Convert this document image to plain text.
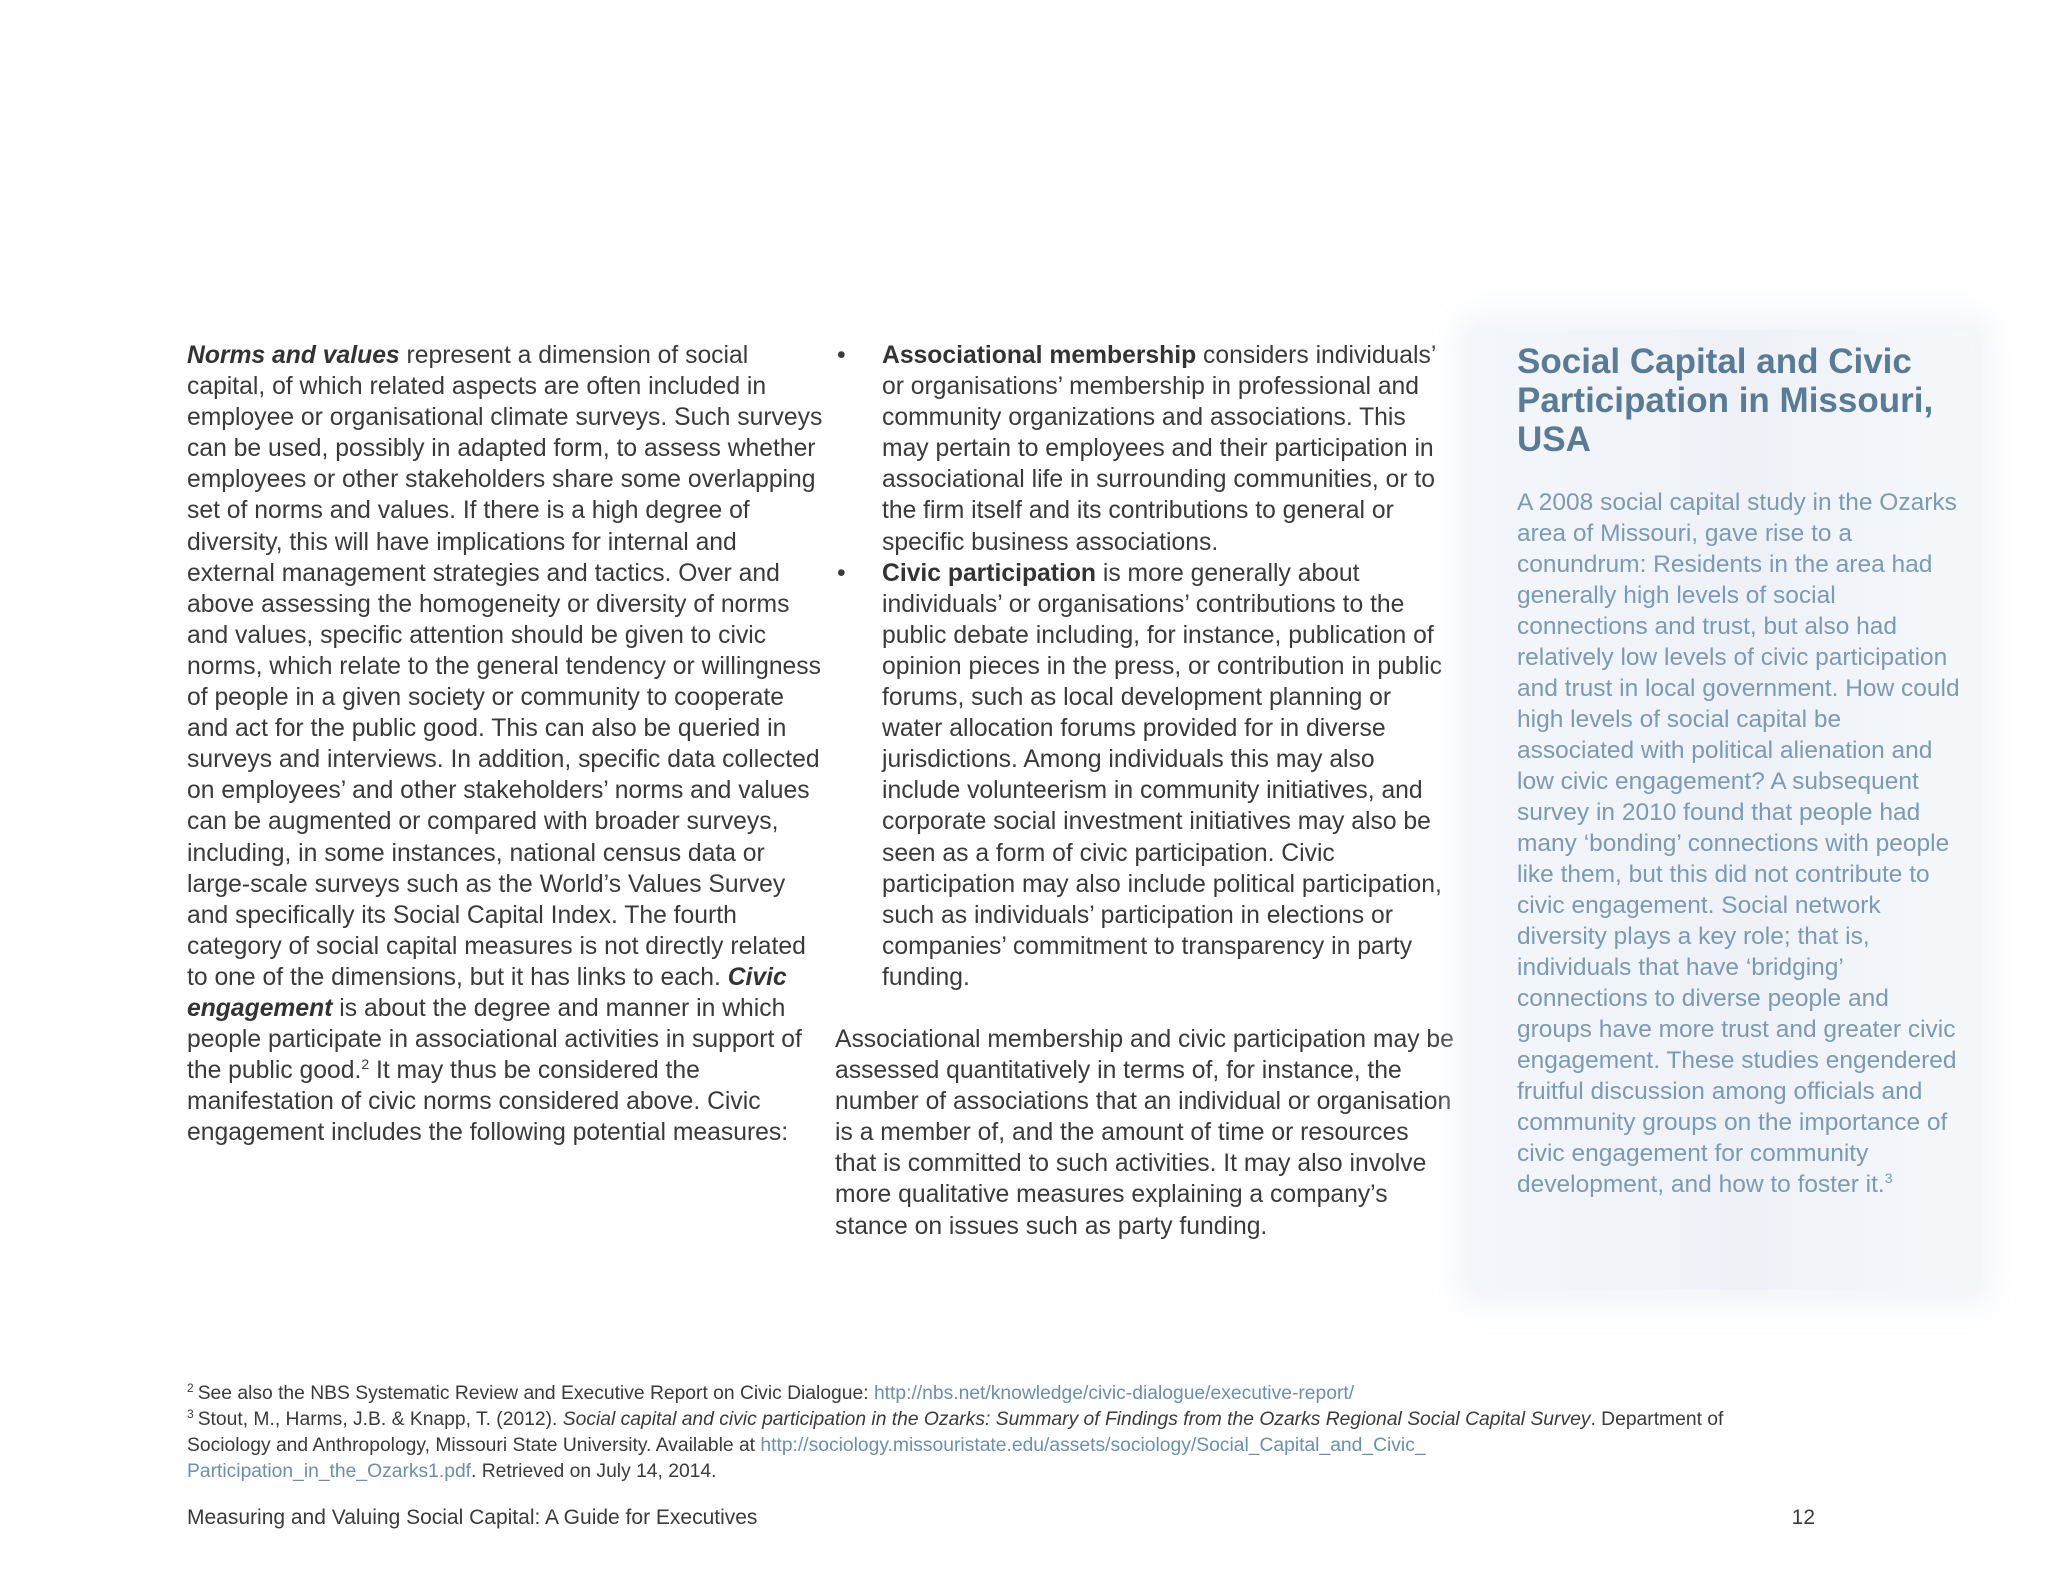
Norms and values represent a dimension of social capital, of which related aspects are often included in employee or organisational climate surveys. Such surveys can be used, possibly in adapted form, to assess whether employees or other stakeholders share some overlapping set of norms and values. If there is a high degree of diversity, this will have implications for internal and external management strategies and tactics. Over and above assessing the homogeneity or diversity of norms and values, specific attention should be given to civic norms, which relate to the general tendency or willingness of people in a given society or community to cooperate and act for the public good. This can also be queried in surveys and interviews. In addition, specific data collected on employees’ and other stakeholders’ norms and values can be augmented or compared with broader surveys, including, in some instances, national census data or large-scale surveys such as the World’s Values Survey and specifically its Social Capital Index. The fourth category of social capital measures is not directly related to one of the dimensions, but it has links to each. Civic engagement is about the degree and manner in which people participate in associational activities in support of the public good.$^2$ It may thus be considered the manifestation of civic norms considered above. Civic engagement includes the following potential measures:

• Associational membership considers individuals’ or organisations’ membership in professional and community organizations and associations. This may pertain to employees and their participation in associational life in surrounding communities, or to the firm itself and its contributions to general or specific business associations.
• Civic participation is more generally about individuals’ or organisations’ contributions to the public debate including, for instance, publication of opinion pieces in the press, or contribution in public forums, such as local development planning or water allocation forums provided for in diverse jurisdictions. Among individuals this may also include volunteerism in community initiatives, and corporate social investment initiatives may also be seen as a form of civic participation. Civic participation may also include political participation, such as individuals’ participation in elections or companies’ commitment to transparency in party funding.

Associational membership and civic participation may be assessed quantitatively in terms of, for instance, the number of associations that an individual or organisation is a member of, and the amount of time or resources that is committed to such activities. It may also involve more qualitative measures explaining a company’s stance on issues such as party funding.

Social Capital and Civic Participation in Missouri, USA

A 2008 social capital study in the Ozarks area of Missouri, gave rise to a conundrum: Residents in the area had generally high levels of social connections and trust, but also had relatively low levels of civic participation and trust in local government. How could high levels of social capital be associated with political alienation and low civic engagement? A subsequent survey in 2010 found that people had many ‘bonding’ connections with people like them, but this did not contribute to civic engagement. Social network diversity plays a key role; that is, individuals that have ‘bridging’ connections to diverse people and groups have more trust and greater civic engagement. These studies engendered fruitful discussion among officials and community groups on the importance of civic engagement for community development, and how to foster it.$^3$

$^2$ See also the NBS Systematic Review and Executive Report on Civic Dialogue: http://nbs.net/knowledge/civic-dialogue/executive-report/

$^3$ Stout, M., Harms, J.B. & Knapp, T. (2012). Social capital and civic participation in the Ozarks: Summary of Findings from the Ozarks Regional Social Capital Survey. Department of Sociology and Anthropology, Missouri State University. Available at http://sociology.missouristate.edu/assets/sociology/Social_Capital_and_Civic_
Participation_in_the_Ozarks1.pdf. Retrieved on July 14, 2014.

Measuring and Valuing Social Capital: A Guide for Executives	12
